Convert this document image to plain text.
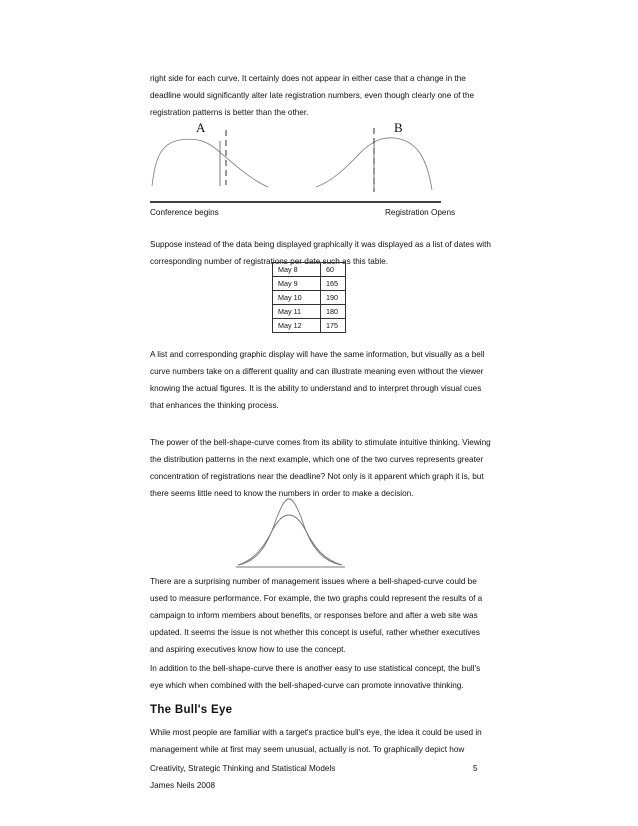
right side for each curve. It certainly does not appear in either case that a change in the deadline would significantly alter late registration numbers, even though clearly one of the registration patterns is better than the other.

A	B
Conference begins	Registration Opens

Suppose instead of the data being displayed graphically it was displayed as a list of dates with corresponding number of registrations per date such as this table.

May 8	60
May 9	165
May 10	190
May 11	180
May 12	175

A list and corresponding graphic display will have the same information, but visually as a bell curve numbers take on a different quality and can illustrate meaning even without the viewer knowing the actual figures. It is the ability to understand and to interpret through visual cues that enhances the thinking process.

The power of the bell-shape-curve comes from its ability to stimulate intuitive thinking. Viewing the distribution patterns in the next example, which one of the two curves represents greater concentration of registrations near the deadline? Not only is it apparent which graph it is, but there seems little need to know the numbers in order to make a decision.

There are a surprising number of management issues where a bell-shaped-curve could be used to measure performance. For example, the two graphs could represent the results of a campaign to inform members about benefits, or responses before and after a web site was updated. It seems the issue is not whether this concept is useful, rather whether executives and aspiring executives know how to use the concept.

In addition to the bell-shape-curve there is another easy to use statistical concept, the bull's eye which when combined with the bell-shaped-curve can promote innovative thinking.

The Bull's Eye

While most people are familiar with a target's practice bull's eye, the idea it could be used in management while at first may seem unusual, actually is not. To graphically depict how

Creativity, Strategic Thinking and Statistical Models	5
James Neils 2008
